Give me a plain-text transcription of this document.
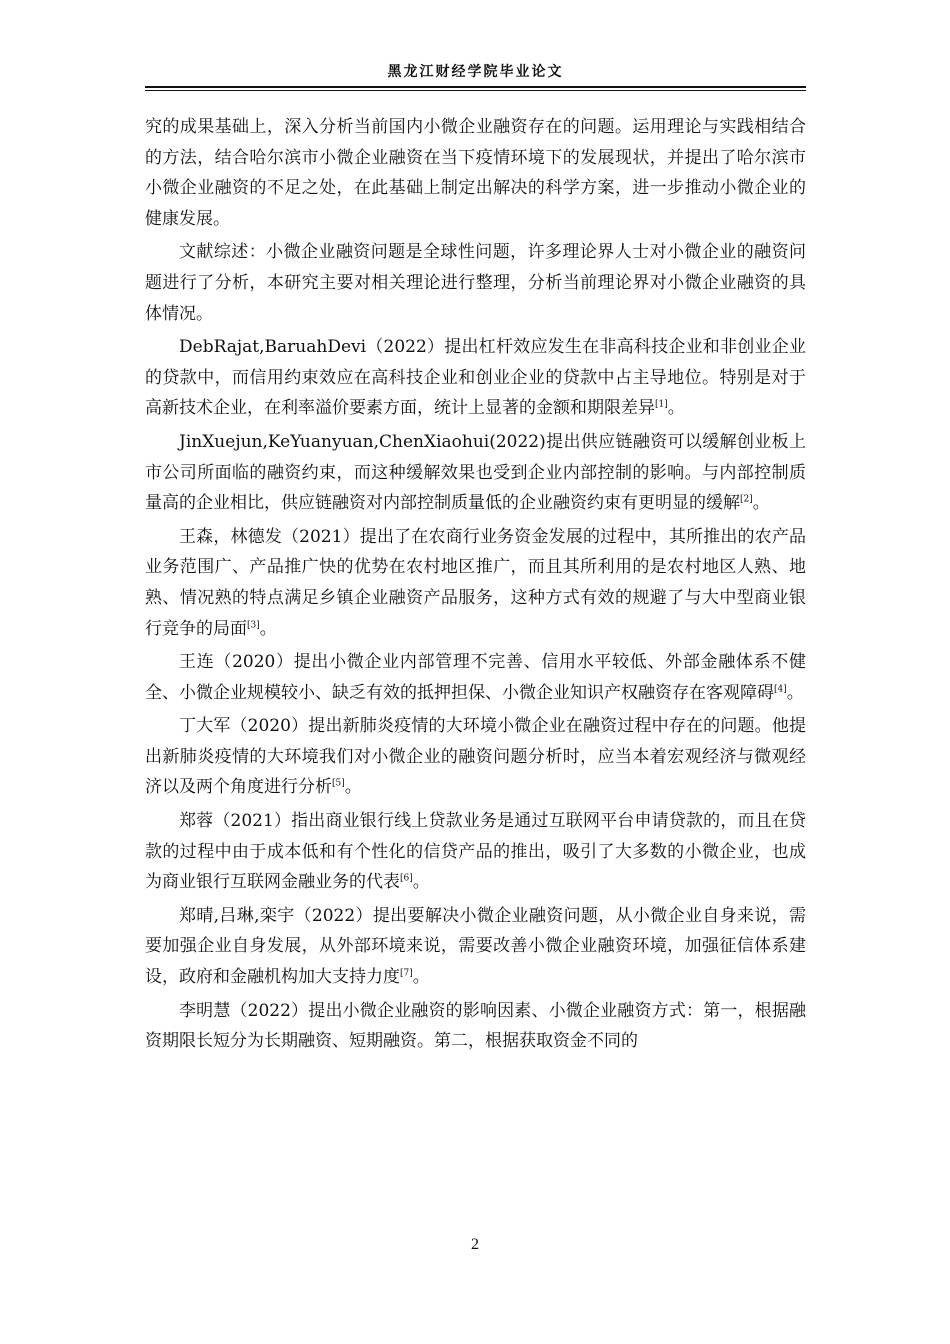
黑龙江财经学院毕业论文

究的成果基础上，深入分析当前国内小微企业融资存在的问题。运用理论与实践相结合的方法，结合哈尔滨市小微企业融资在当下疫情环境下的发展现状，并提出了哈尔滨市小微企业融资的不足之处，在此基础上制定出解决的科学方案，进一步推动小微企业的健康发展。

文献综述：小微企业融资问题是全球性问题，许多理论界人士对小微企业的融资问题进行了分析，本研究主要对相关理论进行整理，分析当前理论界对小微企业融资的具体情况。

DebRajat,BaruahDevi（2022）提出杠杆效应发生在非高科技企业和非创业企业的贷款中，而信用约束效应在高科技企业和创业企业的贷款中占主导地位。特别是对于高新技术企业，在利率溢价要素方面，统计上显著的金额和期限差异[1]。

JinXuejun,KeYuanyuan,ChenXiaohui(2022)提出供应链融资可以缓解创业板上市公司所面临的融资约束，而这种缓解效果也受到企业内部控制的影响。与内部控制质量高的企业相比，供应链融资对内部控制质量低的企业融资约束有更明显的缓解[2]。

王森，林德发（2021）提出了在农商行业务资金发展的过程中，其所推出的农产品业务范围广、产品推广快的优势在农村地区推广，而且其所利用的是农村地区人熟、地熟、情况熟的特点满足乡镇企业融资产品服务，这种方式有效的规避了与大中型商业银行竞争的局面[3]。

王连（2020）提出小微企业内部管理不完善、信用水平较低、外部金融体系不健全、小微企业规模较小、缺乏有效的抵押担保、小微企业知识产权融资存在客观障碍[4]。

丁大军（2020）提出新肺炎疫情的大环境小微企业在融资过程中存在的问题。他提出新肺炎疫情的大环境我们对小微企业的融资问题分析时，应当本着宏观经济与微观经济以及两个角度进行分析[5]。

郑蓉（2021）指出商业银行线上贷款业务是通过互联网平台申请贷款的，而且在贷款的过程中由于成本低和有个性化的信贷产品的推出，吸引了大多数的小微企业，也成为商业银行互联网金融业务的代表[6]。

郑晴,吕琳,栾宇（2022）提出要解决小微企业融资问题，从小微企业自身来说，需要加强企业自身发展，从外部环境来说，需要改善小微企业融资环境，加强征信体系建设，政府和金融机构加大支持力度[7]。

李明慧（2022）提出小微企业融资的影响因素、小微企业融资方式：第一，根据融资期限长短分为长期融资、短期融资。第二，根据获取资金不同的

2
